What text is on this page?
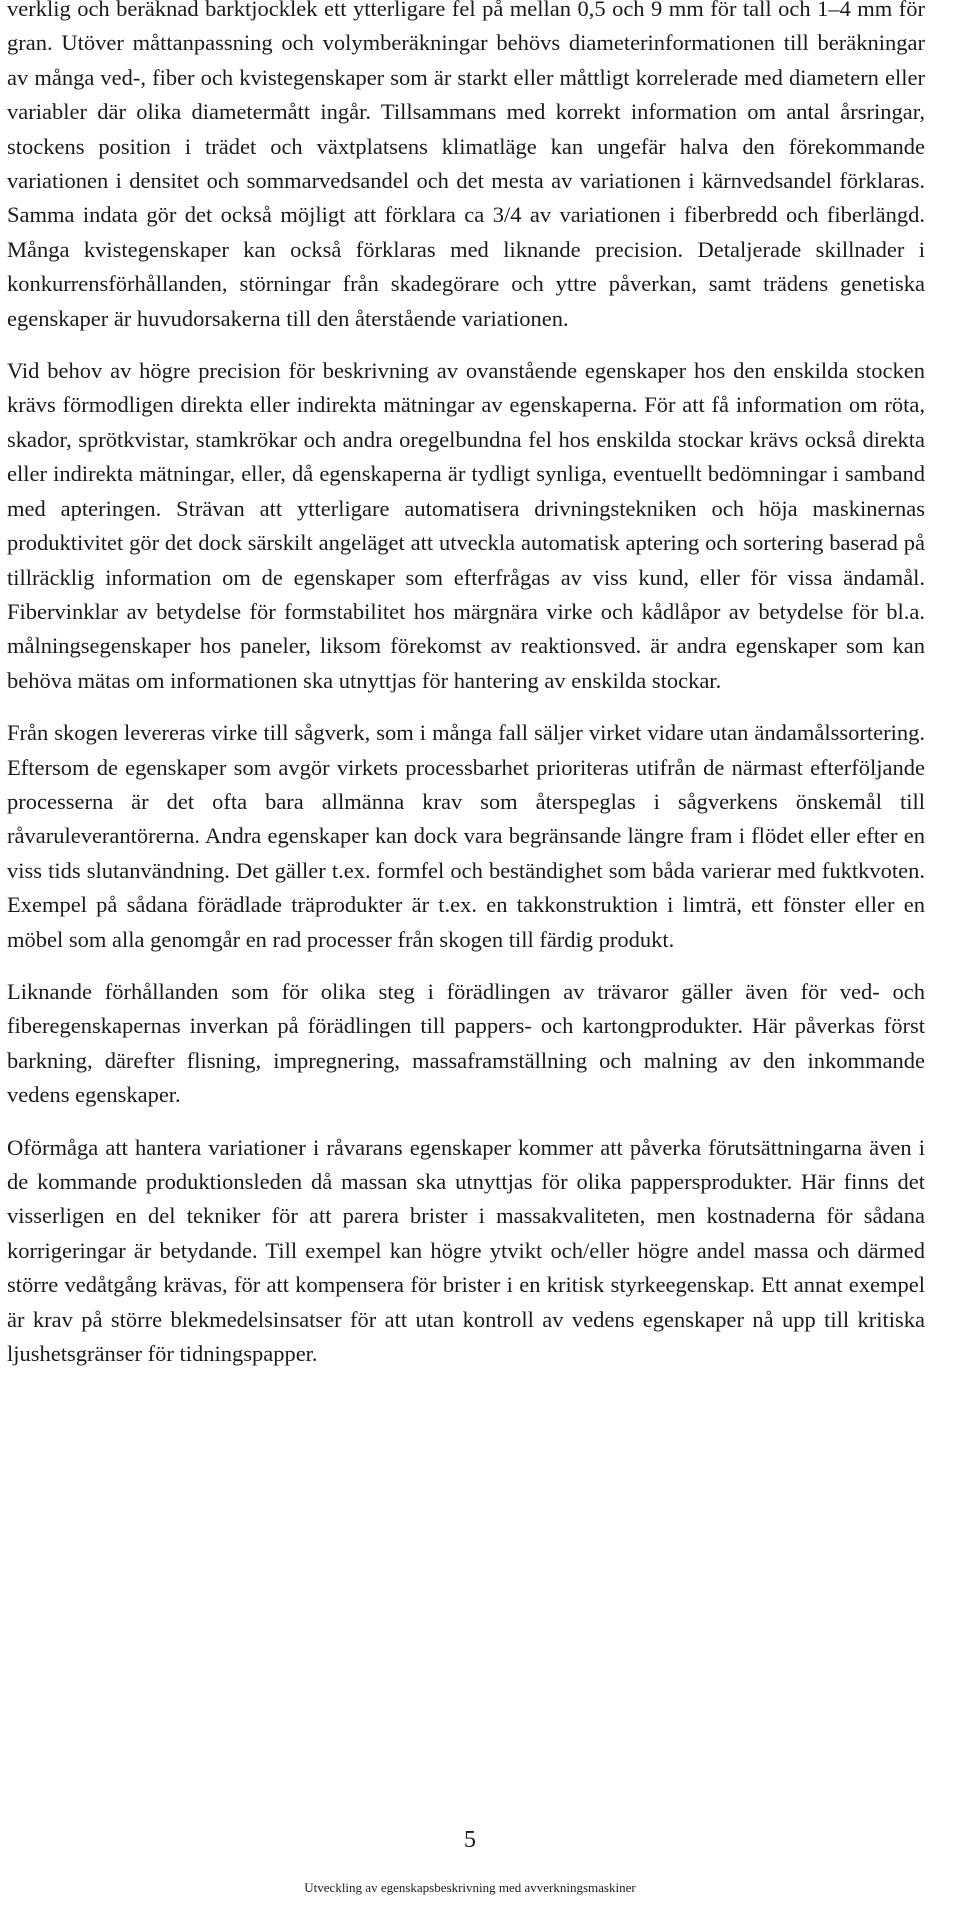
verklig och beräknad barktjocklek ett ytterligare fel på mellan 0,5 och 9 mm för tall och 1–4 mm för gran. Utöver måttanpassning och volymberäkningar behövs diameterinformationen till beräkningar av många ved-, fiber och kvistegenskaper som är starkt eller måttligt korrelerade med diametern eller variabler där olika diametermått ingår. Tillsammans med korrekt information om antal årsringar, stockens position i trädet och växtplatsens klimatläge kan ungefär halva den förekommande variationen i densitet och sommarvedsandel och det mesta av variationen i kärnvedsandel förklaras. Samma indata gör det också möjligt att förklara ca 3/4 av variationen i fiberbredd och fiberlängd. Många kvistegenskaper kan också förklaras med liknande precision. Detaljerade skillnader i konkurrensförhållanden, störningar från skadegörare och yttre påverkan, samt trädens genetiska egenskaper är huvudorsakerna till den återstående variationen.

Vid behov av högre precision för beskrivning av ovanstående egenskaper hos den enskilda stocken krävs förmodligen direkta eller indirekta mätningar av egenskaperna. För att få information om röta, skador, sprötkvistar, stamkrökar och andra oregelbundna fel hos enskilda stockar krävs också direkta eller indirekta mätningar, eller, då egenskaperna är tydligt synliga, eventuellt bedömningar i samband med apteringen. Strävan att ytterligare automatisera drivningstekniken och höja maskinernas produktivitet gör det dock särskilt angeläget att utveckla automatisk aptering och sortering baserad på tillräcklig information om de egenskaper som efterfrågas av viss kund, eller för vissa ändamål. Fibervinklar av betydelse för formstabilitet hos märgnära virke och kådlåpor av betydelse för bl.a. målningsegenskaper hos paneler, liksom förekomst av reaktionsved. är andra egenskaper som kan behöva mätas om informationen ska utnyttjas för hantering av enskilda stockar.

Från skogen levereras virke till sågverk, som i många fall säljer virket vidare utan ändamålssortering. Eftersom de egenskaper som avgör virkets processbarhet prioriteras utifrån de närmast efterföljande processerna är det ofta bara allmänna krav som återspeglas i sågverkens önskemål till råvaruleverantörerna. Andra egenskaper kan dock vara begränsande längre fram i flödet eller efter en viss tids slutanvändning. Det gäller t.ex. formfel och beständighet som båda varierar med fuktkvoten. Exempel på sådana förädlade träprodukter är t.ex. en takkonstruktion i limträ, ett fönster eller en möbel som alla genomgår en rad processer från skogen till färdig produkt.

Liknande förhållanden som för olika steg i förädlingen av trävaror gäller även för ved- och fiberegenskapernas inverkan på förädlingen till pappers- och kartongprodukter. Här påverkas först barkning, därefter flisning, impregnering, massaframställning och malning av den inkommande vedens egenskaper.

Oförmåga att hantera variationer i råvarans egenskaper kommer att påverka förutsättningarna även i de kommande produktionsleden då massan ska utnyttjas för olika pappersprodukter. Här finns det visserligen en del tekniker för att parera brister i massakvaliteten, men kostnaderna för sådana korrigeringar är betydande. Till exempel kan högre ytvikt och/eller högre andel massa och därmed större vedåtgång krävas, för att kompensera för brister i en kritisk styrkeegenskap. Ett annat exempel är krav på större blekmedelsinsatser för att utan kontroll av vedens egenskaper nå upp till kritiska ljushetsgränser för tidningspapper.

5

Utveckling av egenskapsbeskrivning med avverkningsmaskiner
